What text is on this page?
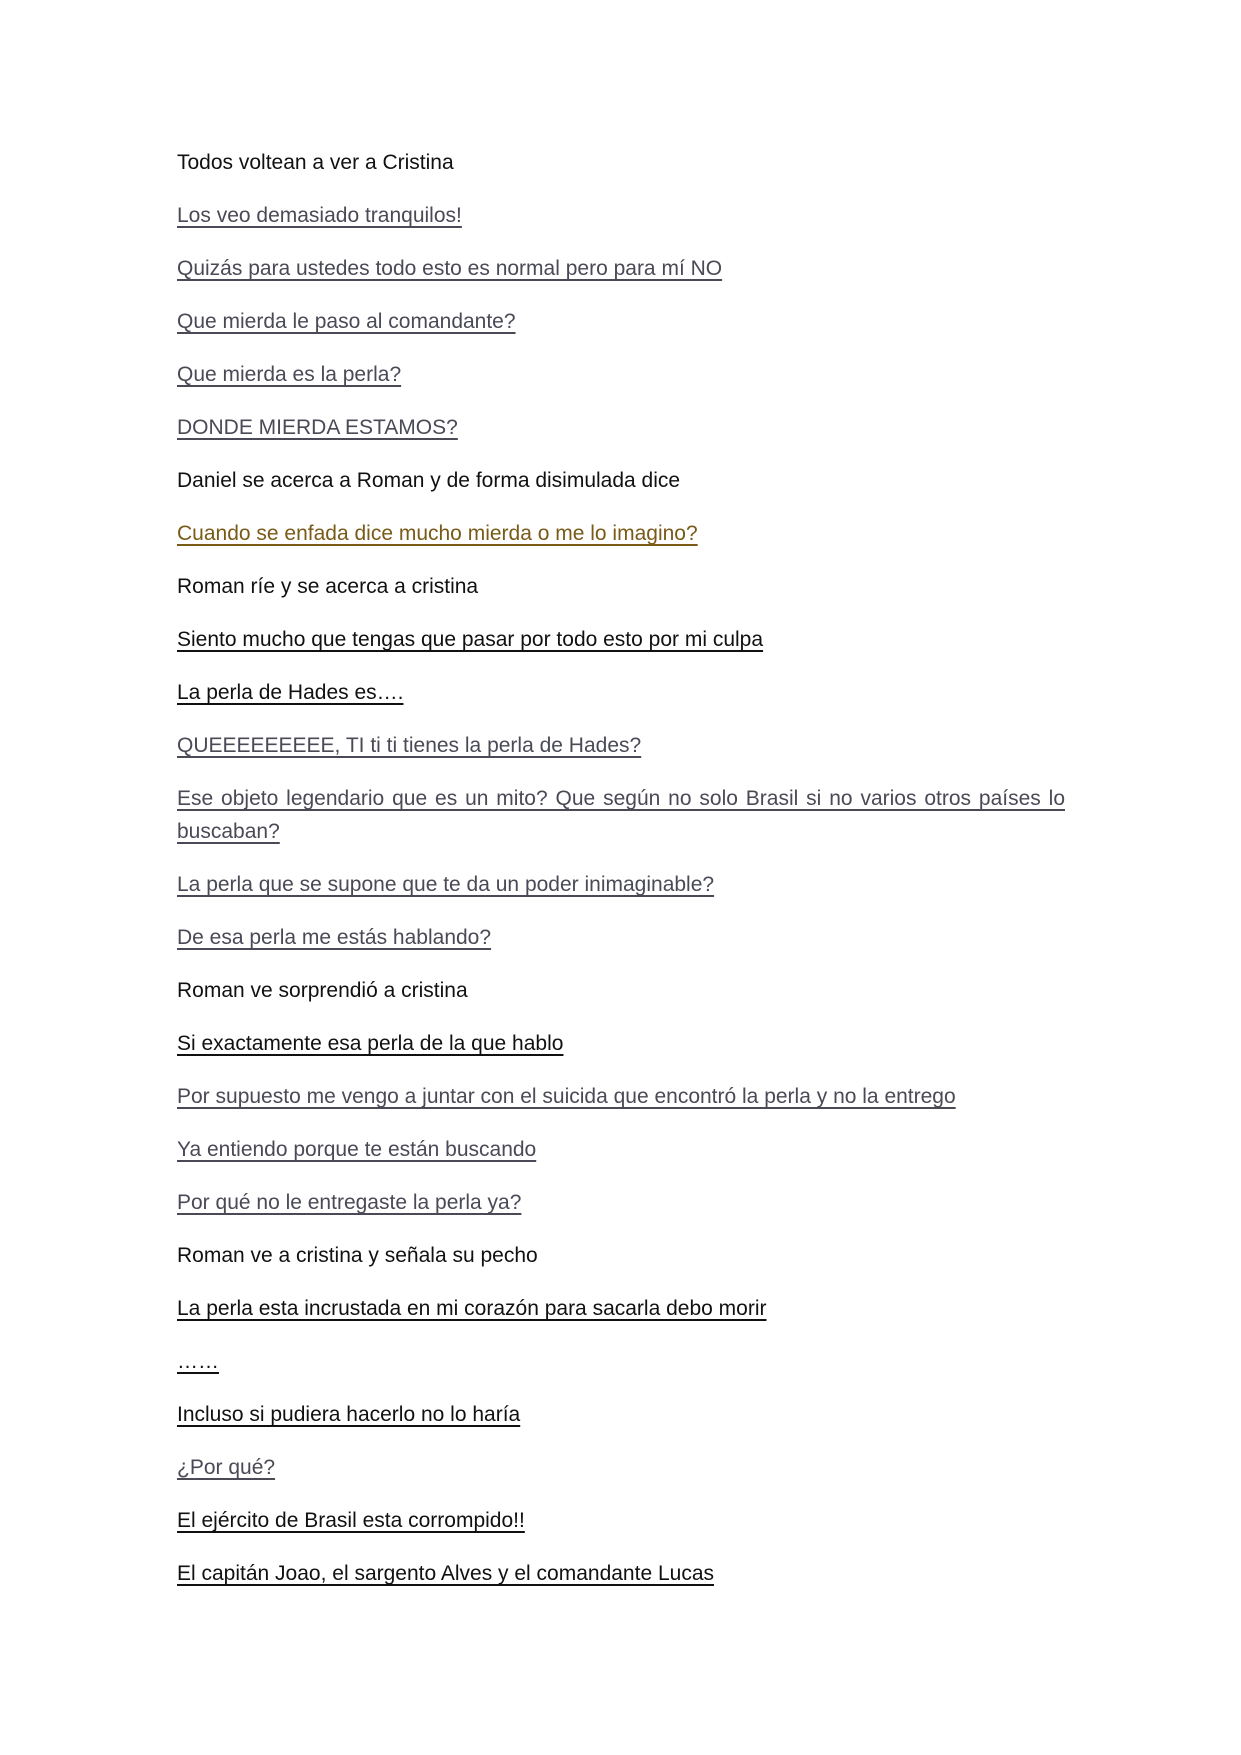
Todos voltean a ver a Cristina

Los veo demasiado tranquilos!

Quizás para ustedes todo esto es normal pero para mí NO

Que mierda le paso al comandante?

Que mierda es la perla?

DONDE MIERDA ESTAMOS?

Daniel se acerca a Roman y de forma disimulada dice

Cuando se enfada dice mucho mierda o me lo imagino?

Roman ríe y se acerca a cristina

Siento mucho que tengas que pasar por todo esto por mi culpa

La perla de Hades es….

QUEEEEEEEEE, TI ti ti tienes la perla de Hades?

Ese objeto legendario que es un mito? Que según no solo Brasil si no varios otros países lo buscaban?

La perla que se supone que te da un poder inimaginable?

De esa perla me estás hablando?

Roman ve sorprendió a cristina

Si exactamente esa perla de la que hablo

Por supuesto me vengo a juntar con el suicida que encontró la perla y no la entrego

Ya entiendo porque te están buscando

Por qué no le entregaste la perla ya?

Roman ve a cristina y señala su pecho

La perla esta incrustada en mi corazón para sacarla debo morir

……

Incluso si pudiera hacerlo no lo haría

¿Por qué?

El ejército de Brasil esta corrompido!!

El capitán Joao, el sargento Alves y el comandante Lucas
